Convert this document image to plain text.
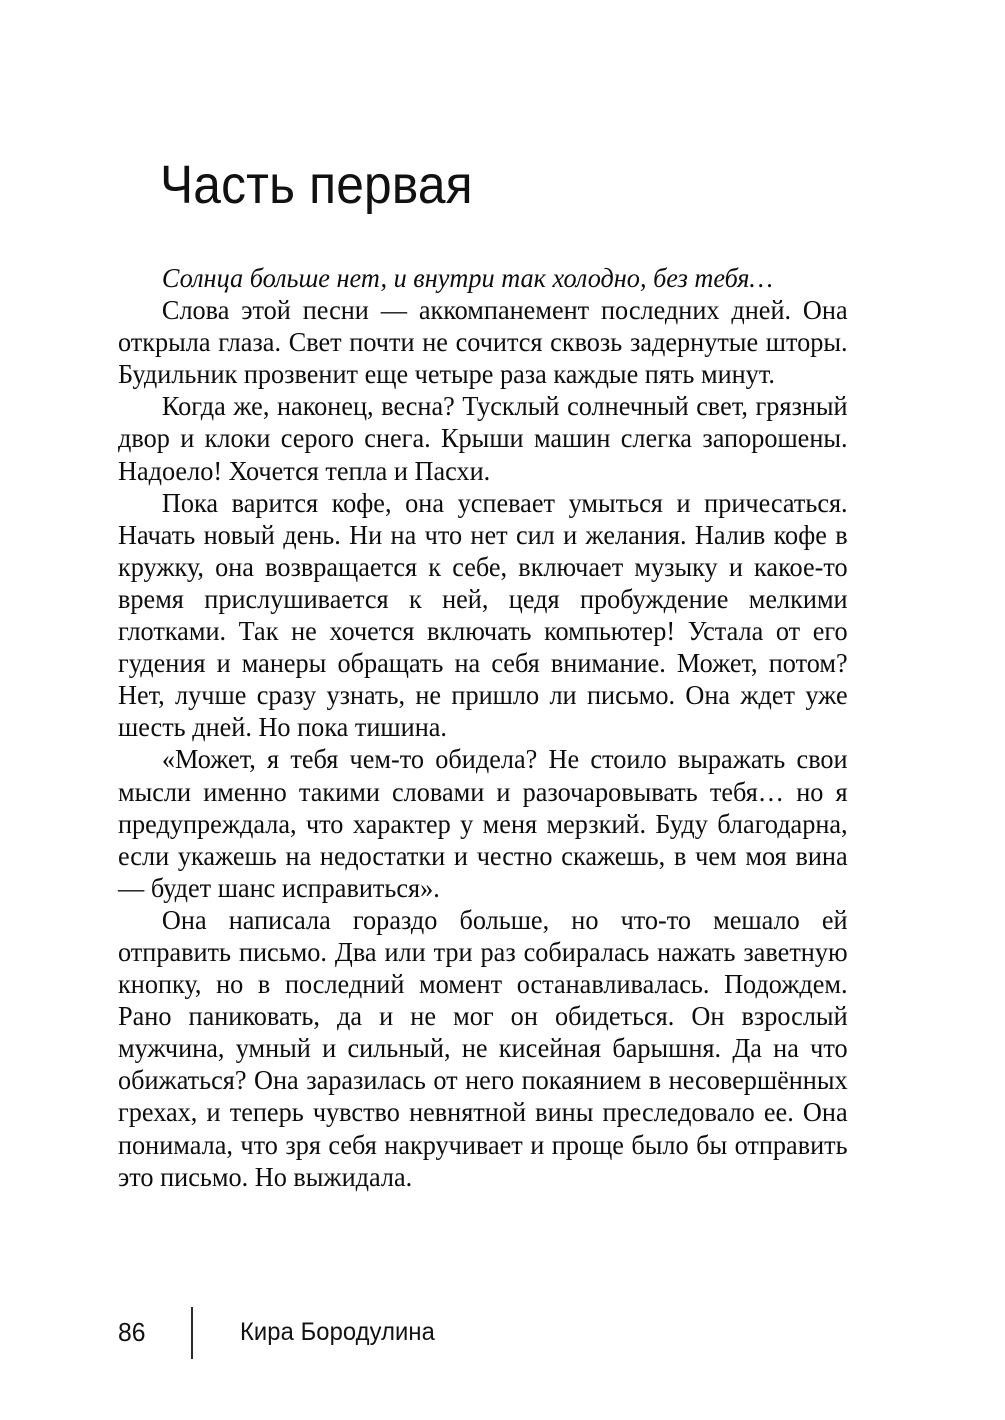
Часть первая

Солнца больше нет, и внутри так холодно, без тебя…

Слова этой песни — аккомпанемент последних дней. Она открыла глаза. Свет почти не сочится сквозь задернутые шторы. Будильник прозвенит еще четыре раза каждые пять минут.

Когда же, наконец, весна? Тусклый солнечный свет, грязный двор и клоки серого снега. Крыши машин слегка запорошены. Надоело! Хочется тепла и Пасхи.

Пока варится кофе, она успевает умыться и причесаться. Начать новый день. Ни на что нет сил и желания. Налив кофе в кружку, она возвращается к себе, включает музыку и какое-то время прислушивается к ней, цедя пробуждение мелкими глотками. Так не хочется включать компьютер! Устала от его гудения и манеры обращать на себя внимание. Может, потом? Нет, лучше сразу узнать, не пришло ли письмо. Она ждет уже шесть дней. Но пока тишина.

«Может, я тебя чем-то обидела? Не стоило выражать свои мысли именно такими словами и разочаровывать тебя… но я предупреждала, что характер у меня мерзкий. Буду благодарна, если укажешь на недостатки и честно скажешь, в чем моя вина — будет шанс исправиться».

Она написала гораздо больше, но что-то мешало ей отправить письмо. Два или три раз собиралась нажать заветную кнопку, но в последний момент останавливалась. Подождем. Рано паниковать, да и не мог он обидеться. Он взрослый мужчина, умный и сильный, не кисейная барышня. Да на что обижаться? Она заразилась от него покаянием в несовершённых грехах, и теперь чувство невнятной вины преследовало ее. Она понимала, что зря себя накручивает и проще было бы отправить это письмо. Но выжидала.

86	Кира Бородулина
